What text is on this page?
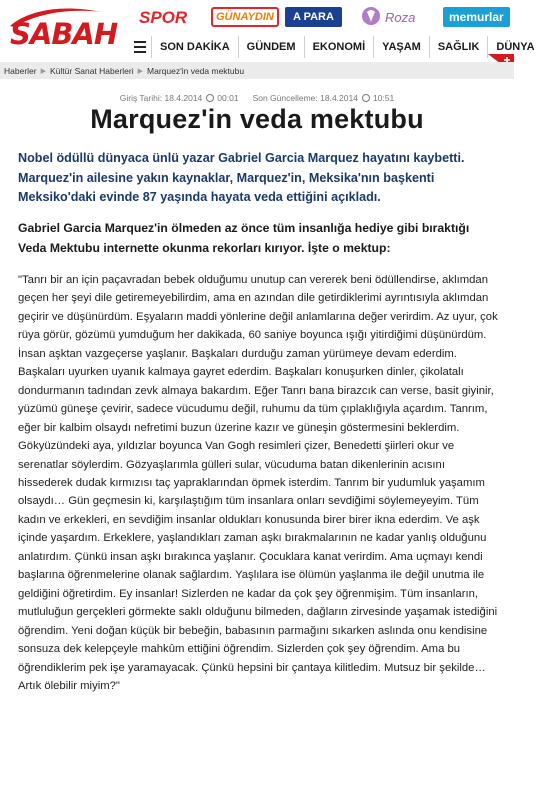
SABAH SPOR	GÜNAYDIN	A PARA	Roza	memurlar
SON DAKİKA	GÜNDEM	EKONOMİ	YAŞAM	SAĞLIK	DÜNYA
Haberler ▶ Kültür Sanat Haberleri ▶ Marquez'in veda mektubu
Giriş Tarihi: 18.4.2014 00:01 Son Güncelleme: 18.4.2014 10:51
Marquez'in veda mektubu

Nobel ödüllü dünyaca ünlü yazar Gabriel Garcia Marquez hayatını kaybetti. Marquez'in ailesine yakın kaynaklar, Marquez'in, Meksika'nın başkenti Meksiko'daki evinde 87 yaşında hayata veda ettiğini açıkladı.

Gabriel Garcia Marquez'in ölmeden az önce tüm insanlığa hediye gibi bıraktığı Veda Mektubu internette okunma rekorları kırıyor. İşte o mektup:

"Tanrı bir an için paçavradan bebek olduğumu unutup can vererek beni ödüllendirse, aklımdan geçen her şeyi dile getiremeyebilirdim, ama en azından dile getirdiklerimi ayrıntısıyla aklımdan geçirir ve düşünürdüm. Eşyaların maddi yönlerine değil anlamlarına değer verirdim. Az uyur, çok rüya görür, gözümü yumduğum her dakikada, 60 saniye boyunca ışığı yitirdiğimi düşünürdüm. İnsan aşktan vazgeçerse yaşlanır. Başkaları durduğu zaman yürümeye devam ederdim. Başkaları uyurken uyanık kalmaya gayret ederdim. Başkaları konuşurken dinler, çikolatalı dondurmanın tadından zevk almaya bakardım. Eğer Tanrı bana birazcık can verse, basit giyinir, yüzümü güneşe çevirir, sadece vücudumu değil, ruhumu da tüm çıplaklığıyla açardım. Tanrım, eğer bir kalbim olsaydı nefretimi buzun üzerine kazır ve güneşin göstermesini beklerdim. Gökyüzündeki aya, yıldızlar boyunca Van Gogh resimleri çizer, Benedetti şiirleri okur ve serenatlar söylerdim. Gözyaşlarımla gülleri sular, vücuduma batan dikenlerinin acısını hissederek dudak kırmızısı taç yapraklarından öpmek isterdim. Tanrım bir yudumluk yaşamım olsaydı… Gün geçmesin ki, karşılaştığım tüm insanlara onları sevdiğimi söylemeyeyim. Tüm kadın ve erkekleri, en sevdiğim insanlar oldukları konusunda birer birer ikna ederdim. Ve aşk içinde yaşardım. Erkeklere, yaşlandıkları zaman aşkı bırakmalarının ne kadar yanlış olduğunu anlatırdım. Çünkü insan aşkı bırakınca yaşlanır. Çocuklara kanat verirdim. Ama uçmayı kendi başlarına öğrenmelerine olanak sağlardım. Yaşlılara ise ölümün yaşlanma ile değil unutma ile geldiğini öğretirdim. Ey insanlar! Sizlerden ne kadar da çok şey öğrenmişim. Tüm insanların, mutluluğun gerçekleri görmekte saklı olduğunu bilmeden, dağların zirvesinde yaşamak istediğini öğrendim. Yeni doğan küçük bir bebeğin, babasının parmağını sıkarken aslında onu kendisine sonsuza dek kelepçeyle mahkûm ettiğini öğrendim. Sizlerden çok şey öğrendim. Ama bu öğrendiklerim pek işe yaramayacak. Çünkü hepsini bir çantaya kilitledim. Mutsuz bir şekilde… Artık ölebilir miyim?"
